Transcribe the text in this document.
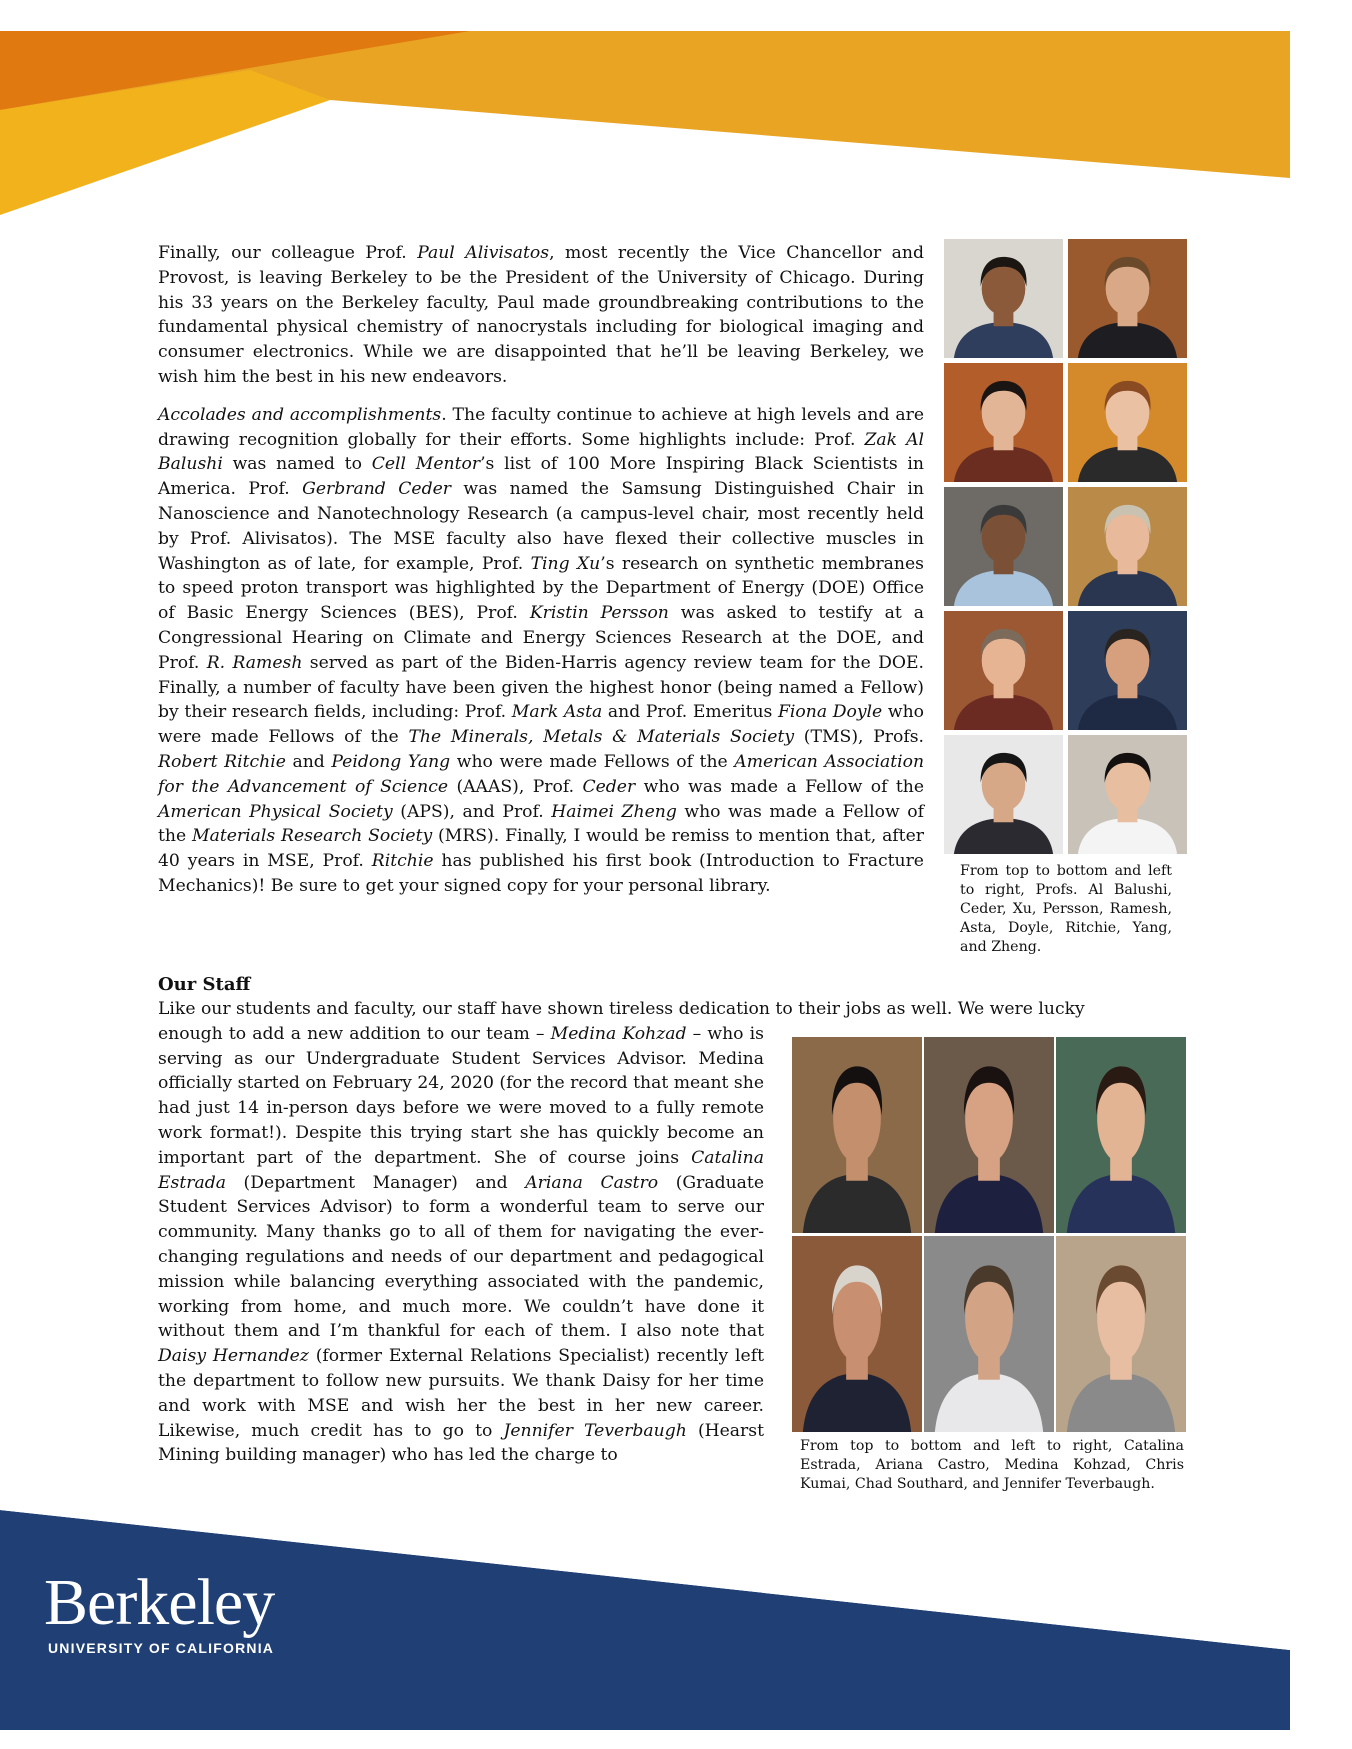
Finally, our colleague Prof. Paul Alivisatos, most recently the Vice Chancellor and Provost, is leaving Berkeley to be the President of the University of Chicago. During his 33 years on the Berkeley faculty, Paul made groundbreaking contributions to the fundamental physical chemistry of nanocrystals including for biological imaging and consumer electronics. While we are disappointed that he’ll be leaving Berkeley, we wish him the best in his new endeavors.

Accolades and accomplishments. The faculty continue to achieve at high levels and are drawing recognition globally for their efforts. Some highlights include: Prof. Zak Al Balushi was named to Cell Mentor’s list of 100 More Inspiring Black Scientists in America. Prof. Gerbrand Ceder was named the Samsung Distinguished Chair in Nanoscience and Nanotechnology Research (a campus-level chair, most recently held by Prof. Alivisatos). The MSE faculty also have flexed their collective muscles in Washington as of late, for example, Prof. Ting Xu’s research on synthetic membranes to speed proton transport was highlighted by the Department of Energy (DOE) Office of Basic Energy Sciences (BES), Prof. Kristin Persson was asked to testify at a Congressional Hearing on Climate and Energy Sciences Research at the DOE, and Prof. R. Ramesh served as part of the Biden-Harris agency review team for the DOE. Finally, a number of faculty have been given the highest honor (being named a Fellow) by their research fields, including: Prof. Mark Asta and Prof. Emeritus Fiona Doyle who were made Fellows of the The Minerals, Metals & Materials Society (TMS), Profs. Robert Ritchie and Peidong Yang who were made Fellows of the American Association for the Advancement of Science (AAAS), Prof. Ceder who was made a Fellow of the American Physical Society (APS), and Prof. Haimei Zheng who was made a Fellow of the Materials Research Society (MRS). Finally, I would be remiss to mention that, after 40 years in MSE, Prof. Ritchie has published his first book (Introduction to Fracture Mechanics)! Be sure to get your signed copy for your personal library.

From top to bottom and left to right, Profs. Al Balushi, Ceder, Xu, Persson, Ramesh, Asta, Doyle, Ritchie, Yang, and Zheng.
Our Staff

Like our students and faculty, our staff have shown tireless dedication to their jobs as well. We were lucky

enough to add a new addition to our team – Medina Kohzad – who is serving as our Undergraduate Student Services Advisor. Medina officially started on February 24, 2020 (for the record that meant she had just 14 in-person days before we were moved to a fully remote work format!). Despite this trying start she has quickly become an important part of the department. She of course joins Catalina Estrada (Department Manager) and Ariana Castro (Graduate Student Services Advisor) to form a wonderful team to serve our community. Many thanks go to all of them for navigating the ever-changing regulations and needs of our department and pedagogical mission while balancing everything associated with the pandemic, working from home, and much more. We couldn’t have done it without them and I’m thankful for each of them. I also note that Daisy Hernandez (former External Relations Specialist) recently left the department to follow new pursuits. We thank Daisy for her time and work with MSE and wish her the best in her new career. Likewise, much credit has to go to Jennifer Teverbaugh (Hearst Mining building manager) who has led the charge to	From top to bottom and left to right, Catalina Estrada, Ariana Castro, Medina Kohzad, Chris Kumai, Chad Southard, and Jennifer Teverbaugh.
Berkeley
UNIVERSITY OF CALIFORNIA
